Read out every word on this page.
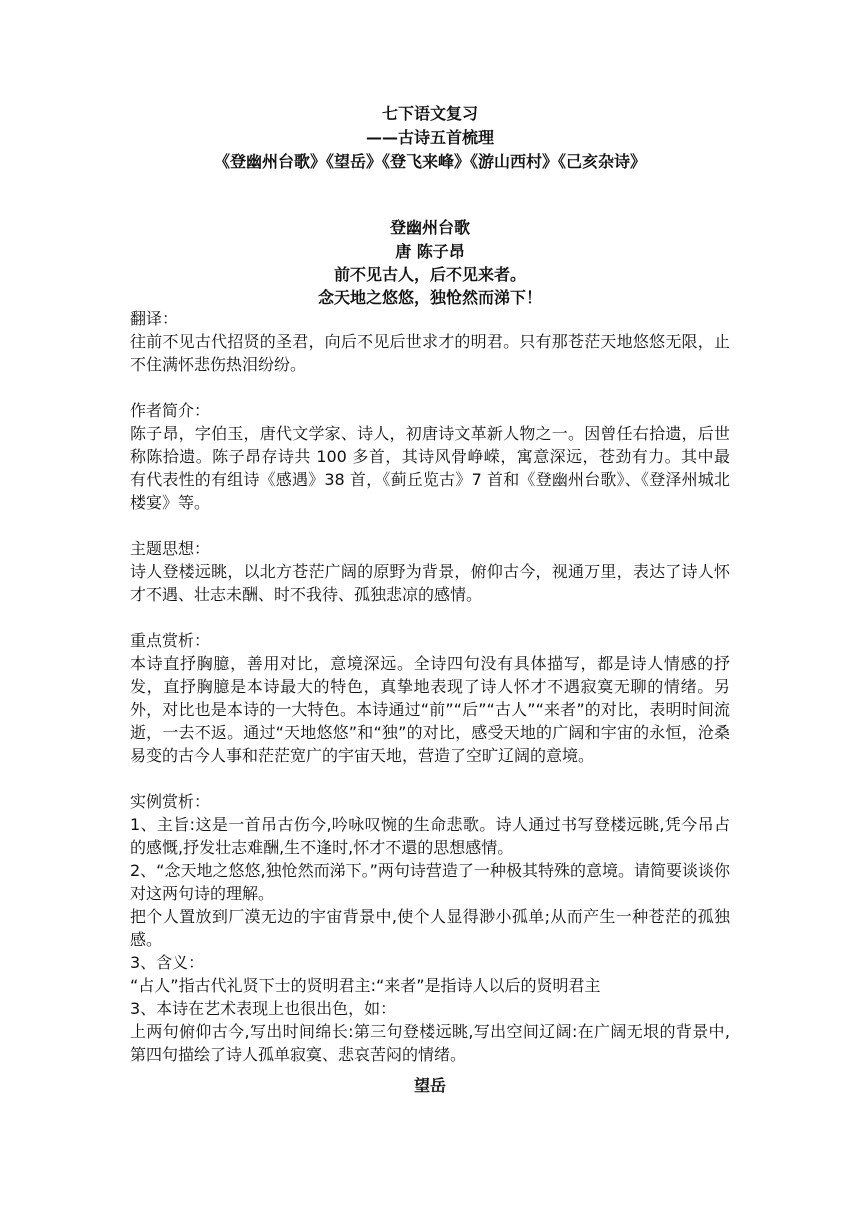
七下语文复习
——古诗五首梳理
《登幽州台歌》《望岳》《登飞来峰》《游山西村》《己亥杂诗》
登幽州台歌
唐 陈子昂
前不见古人，后不见来者。
念天地之悠悠，独怆然而涕下！

翻译：

往前不见古代招贤的圣君，向后不见后世求才的明君。只有那苍茫天地悠悠无限，止不住满怀悲伤热泪纷纷。

作者简介：

陈子昂，字伯玉，唐代文学家、诗人，初唐诗文革新人物之一。因曾任右拾遗，后世称陈拾遗。陈子昂存诗共 100 多首，其诗风骨峥嵘，寓意深远，苍劲有力。其中最有代表性的有组诗《感遇》38 首，《蓟丘览古》7 首和《登幽州台歌》、《登泽州城北楼宴》等。

主题思想：

诗人登楼远眺，以北方苍茫广阔的原野为背景，俯仰古今，视通万里，表达了诗人怀才不遇、壮志未酬、时不我待、孤独悲凉的感情。

重点赏析：

本诗直抒胸臆，善用对比，意境深远。全诗四句没有具体描写，都是诗人情感的抒发，直抒胸臆是本诗最大的特色，真挚地表现了诗人怀才不遇寂寞无聊的情绪。另外，对比也是本诗的一大特色。本诗通过“前”“后”“古人”“来者”的对比，表明时间流逝，一去不返。通过“天地悠悠”和“独”的对比，感受天地的广阔和宇宙的永恒，沧桑易变的古今人事和茫茫宽广的宇宙天地，营造了空旷辽阔的意境。

实例赏析：

1、主旨:这是一首吊古伤今,吟咏叹惋的生命悲歌。诗人通过书写登楼远眺,凭今吊占的感慨,抒发壮志难酬,生不逢时,怀才不還的思想感情。

2、“念天地之悠悠,独怆然而涕下。”两句诗营造了一种极其特殊的意境。请简要谈谈你对这两句诗的理解。

把个人置放到厂漠无边的宇宙背景中,使个人显得渺小孤单;从而产生一种苍茫的孤独感。

3、含义：

“占人”指古代礼贤下士的贤明君主:“来者”是指诗人以后的贤明君主

3、本诗在艺术表现上也很出色，如：

上两句俯仰古今,写出时间绵长:第三句登楼远眺,写出空间辽阔:在广阔无垠的背景中,第四句描绘了诗人孤单寂寞、悲哀苦闷的情绪。

望岳
